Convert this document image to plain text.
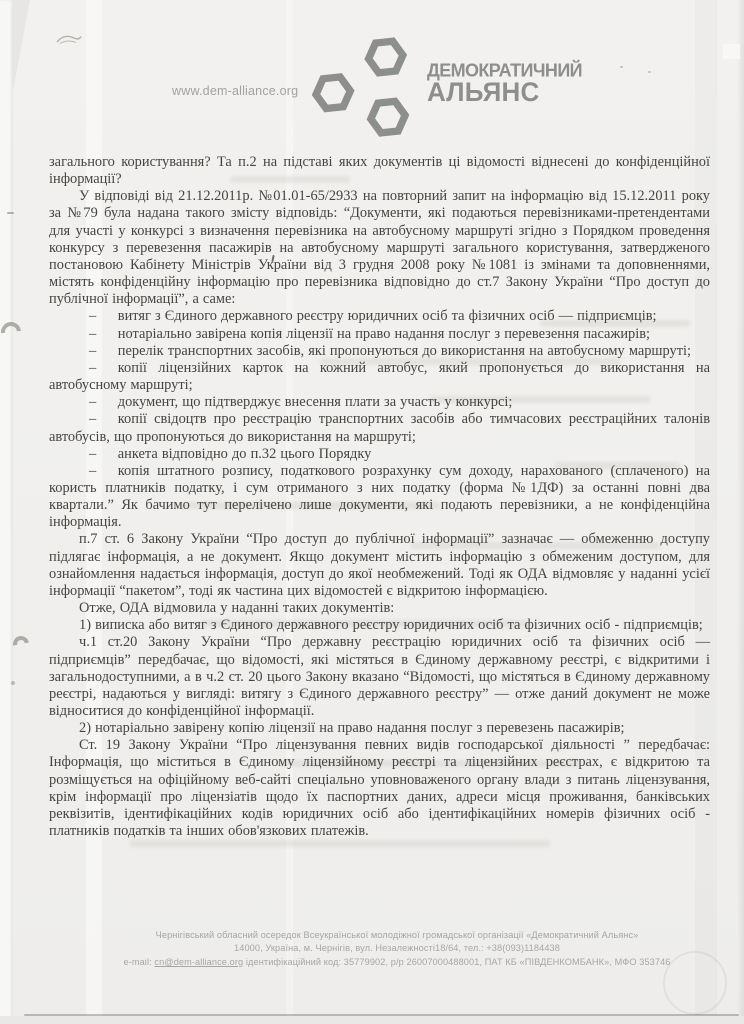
www.dem-alliance.org
ДЕМОКРАТИЧНИЙ
АЛЬЯНС

загального користування? Та п.2 на підставі яких документів ці відомості віднесені до конфіденційної інформації?

У відповіді від 21.12.2011р. №01.01-65/2933 на повторний запит на інформацію від 15.12.2011 року за №79 була надана такого змісту відповідь: “Документи, які подаються перевізниками-претендентами для участі у конкурсі з визначення перевізника на автобусному маршруті згідно з Порядком проведення конкурсу з перевезення пасажирів на автобусному маршруті загального користування, затвердженого постановою Кабінету Міністрів України від 3 грудня 2008 року №1081 із змінами та доповненнями, містять конфіденційну інформацію про перевізника відповідно до ст.7 Закону України “Про доступ до публічної інформації”, а саме:

–  витяг з Єдиного державного реєстру юридичних осіб та фізичних осіб — підприємців;

–  нотаріально завірена копія ліцензії на право надання послуг з перевезення пасажирів;

–  перелік транспортних засобів, які пропонуються до використання на автобусному маршруті;

–  копії ліцензійних карток на кожний автобус, який пропонується до використання на автобусному маршруті;

–  документ, що підтверджує внесення плати за участь у конкурсі;

–  копії свідоцтв про реєстрацію транспортних засобів або тимчасових реєстраційних талонів автобусів, що пропонуються до використання на маршруті;

–  анкета відповідно до п.32 цього Порядку

–  копія штатного розпису, податкового розрахунку сум доходу, нарахованого (сплаченого) на користь платників податку, і сум отриманого з них податку (форма №1ДФ) за останні повні два квартали.” Як бачимо тут перелічено лише документи, які подають перевізники, а не конфіденційна інформація.

п.7 ст. 6 Закону України “Про доступ до публічної інформації” зазначає — обмеженню доступу підлягає інформація, а не документ. Якщо документ містить інформацію з обмеженим доступом, для ознайомлення надається інформація, доступ до якої необмежений. Тоді як ОДА відмовляє у наданні усієї інформації “пакетом”, тоді як частина цих відомостей є відкритою інформацією.

Отже, ОДА відмовила у наданні таких документів:

1) виписка або витяг з Єдиного державного реєстру юридичних осіб та фізичних осіб - підприємців;

ч.1 ст.20 Закону України “Про державну реєстрацію юридичних осіб та фізичних осіб — підприємців” передбачає, що відомості, які містяться в Єдиному державному реєстрі, є відкритими і загальнодоступними, а в ч.2 ст. 20 цього Закону вказано “Відомості, що містяться в Єдиному державному реєстрі, надаються у вигляді: витягу з Єдиного державного реєстру” — отже даний документ не може відноситися до конфіденційної інформації.

2) нотаріально завірену копію ліцензії на право надання послуг з перевезень пасажирів;

Ст. 19 Закону України “Про ліцензування певних видів господарської діяльності ” передбачає: Інформація, що міститься в Єдиному ліцензійному реєстрі та ліцензійних реєстрах, є відкритою та розміщується на офіційному веб-сайті спеціально уповноваженого органу влади з питань ліцензування, крім інформації про ліцензіатів щодо їх паспортних даних, адреси місця проживання, банківських реквізитів, ідентифікаційних кодів юридичних осіб або ідентифікаційних номерів фізичних осіб - платників податків та інших обов'язкових платежів.

Чернігівський обласний осередок Всеукраїнської молодіжної громадської організації «Демократичний Альянс»
14000, Україна, м. Чернігів, вул. Незалежності18/64, тел.: +38(093)1184438
e-mail: cn@dem-alliance.org ідентифікаційний код: 35779902, р/р 26007000488001, ПАТ КБ «ПІВДЕНКОМБАНК», МФО 353746
